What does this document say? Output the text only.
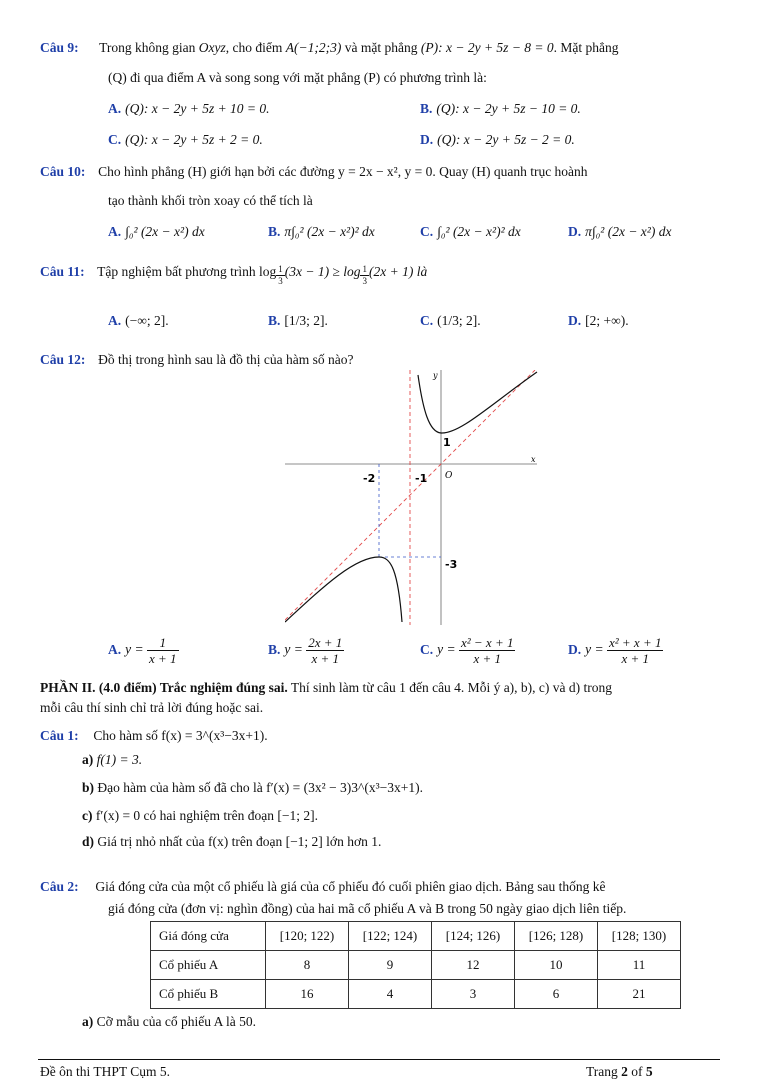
Câu 9: Trong không gian Oxyz, cho điểm A(−1;2;3) và mặt phẳng (P): x − 2y + 5z − 8 = 0. Mặt phẳng
(Q) đi qua điểm A và song song với mặt phẳng (P) có phương trình là:
A. (Q): x − 2y + 5z + 10 = 0.	B. (Q): x − 2y + 5z − 10 = 0.
C. (Q): x − 2y + 5z + 2 = 0.	D. (Q): x − 2y + 5z − 2 = 0.
Câu 10: Cho hình phẳng (H) giới hạn bởi các đường y = 2x − x², y = 0. Quay (H) quanh trục hoành
tạo thành khối tròn xoay có thể tích là
A. ∫₀² (2x − x²) dx	B. π∫₀² (2x − x²)² dx	C. ∫₀² (2x − x²)² dx	D. π∫₀² (2x − x²) dx
Câu 11: Tập nghiệm bất phương trình $\log \frac{1}{3} (3x - 1) \ge \log \frac{1}{3} (2x + 1)$ là
A. (−∞; 2].	B. [1/3; 2].	C. (1/3; 2].	D. [2; +∞).
Câu 12: Đồ thị trong hình sau là đồ thị của hàm số nào?
y
x
O
1
-2	-1
-3
A. $y = \frac{1}{x + 1}$	B. $y = \frac{2x + 1}{x + 1}$	C. $y = \frac{\text{x² − x + 1}}{x + 1}$	D. $y = \frac{\text{x² + x + 1}}{x + 1}$
PHẦN II. (4.0 điểm) Trắc nghiệm đúng sai. Thí sinh làm từ câu 1 đến câu 4. Mỗi ý a), b), c) và d) trong
mỗi câu thí sinh chỉ trả lời đúng hoặc sai.
Câu 1: Cho hàm số f(x) = 3^(x³−3x+1).
a) f(1) = 3.
b) Đạo hàm của hàm số đã cho là f′(x) = (3x² − 3)3^(x³−3x+1).
c) f′(x) = 0 có hai nghiệm trên đoạn [−1; 2].
d) Giá trị nhỏ nhất của f(x) trên đoạn [−1; 2] lớn hơn 1.
Câu 2: Giá đóng cửa của một cổ phiếu là giá của cổ phiếu đó cuối phiên giao dịch. Bảng sau thống kê
giá đóng cửa (đơn vị: nghìn đồng) của hai mã cổ phiếu A và B trong 50 ngày giao dịch liên tiếp.
Giá đóng cửa	[120; 122)	[122; 124)	[124; 126)	[126; 128)	[128; 130)
Cổ phiếu A	8	9	12	10	11
Cổ phiếu B	16	4	3	6	21
a) Cỡ mẫu của cổ phiếu A là 50.
Đề ôn thi THPT Cụm 5.	Trang 2 of 5
